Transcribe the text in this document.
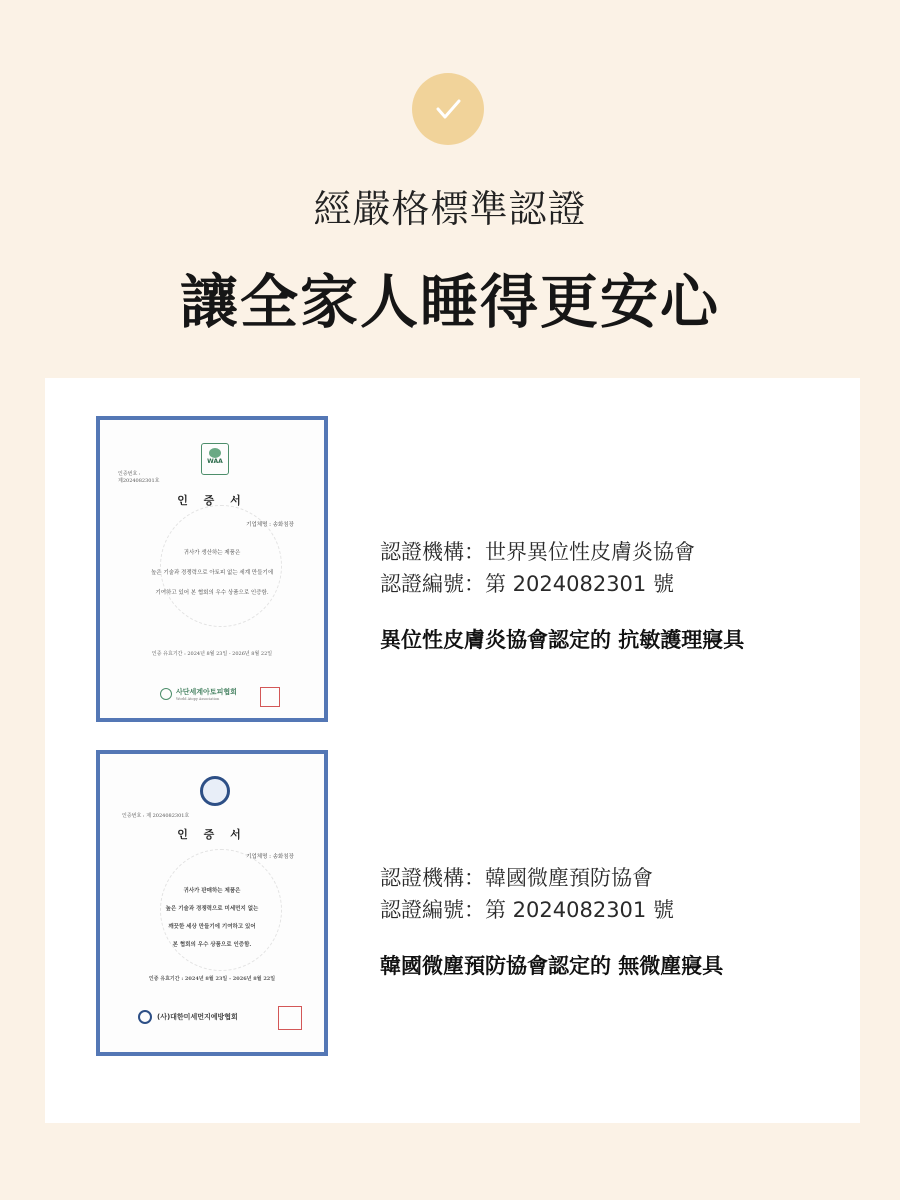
經嚴格標準認證
讓全家人睡得更安心
WAA
인증번호 :
제2024082301호
인 증 서
기업체명 : 송화침장
귀사가 생산하는 제품은
높은 기술과 경쟁력으로 아토피 없는 세계 만들기에
기여하고 있어 본 협회의 우수 상품으로 인증함.
인증 유효기간 : 2024년 8월 23일 - 2026년 8월 22일
사단세계아토피협회
World Atopy Association

認證機構：世界異位性皮膚炎協會

認證編號：第 2024082301 號

異位性皮膚炎協會認定的 抗敏護理寢具

인증번호 : 제 2024082301호
인 증 서
기업체명 : 송화침장
귀사가 판매하는 제품은
높은 기술과 경쟁력으로 미세먼지 없는
깨끗한 세상 만들기에 기여하고 있어
본 협회의 우수 상품으로 인증함.
인증 유효기간 : 2024년 8월 23일 - 2026년 8월 22일
(사)대한미세먼지예방협회

認證機構：韓國微塵預防協會

認證編號：第 2024082301 號

韓國微塵預防協會認定的 無微塵寢具
